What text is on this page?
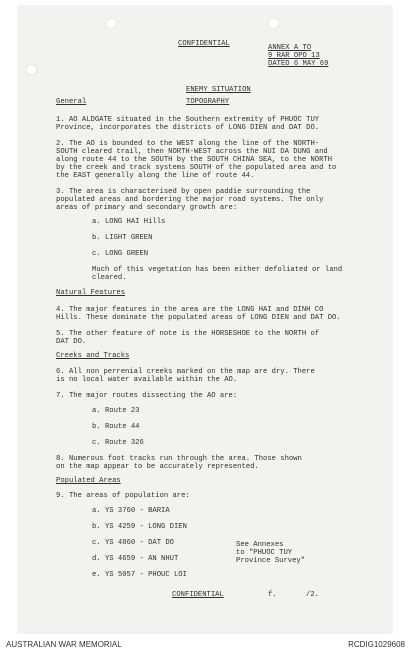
CONFIDENTIAL	ANNEX A TO
9 RAR OPO 13
DATED 6 MAY 69
ENEMY SITUATION
General	TOPOGRAPHY
1. AO ALDGATE situated in the Southern extremity of PHUOC TUY
Province, incorporates the districts of LONG DIEN and DAT DO.
2. The AO is bounded to the WEST along the line of the NORTH-
SOUTH cleared trail, then NORTH-WEST across the NUI DA DUNG and
along route 44 to the SOUTH by the SOUTH CHINA SEA, to the NORTH
by the creek and track systems SOUTH of the populated area and to
the EAST generally along the line of route 44.
3. The area is characterised by open paddie surrounding the
populated areas and bordering the major road systems. The only
areas of primary and secondary growth are:
a. LONG HAI Hills
b. LIGHT GREEN
c. LONG GREEN
Much of this vegetation has been either defoliated or land
cleared.
Natural Features
4. The major features in the area are the LONG HAI and DINH CO
Hills. These dominate the populated areas of LONG DIEN and DAT DO.
5. The other feature of note is the HORSESHOE to the NORTH of
DAT DO.
Creeks and Tracks
6. All non perrenial creeks marked on the map are dry. There
is no local water available within the AO.
7. The major routes dissecting the AO are:
a. Route 23
b. Route 44
c. Route 326
8. Numerous foot tracks run through the area. Those shown
on the map appear to be accurately represented.
Populated Areas
9. The areas of population are:
a. YS 3760 - BARIA
b. YS 4259 - LONG DIEN
c. YS 4860 - DAT DO
d. YS 4659 - AN NHUT
e. YS 5057 - PHOUC LOI
See Annexes
to "PHUOC TUY
Province Survey"
CONFIDENTIAL	f.	/2.
AUSTRALIAN WAR MEMORIAL	RCDIG1029608
